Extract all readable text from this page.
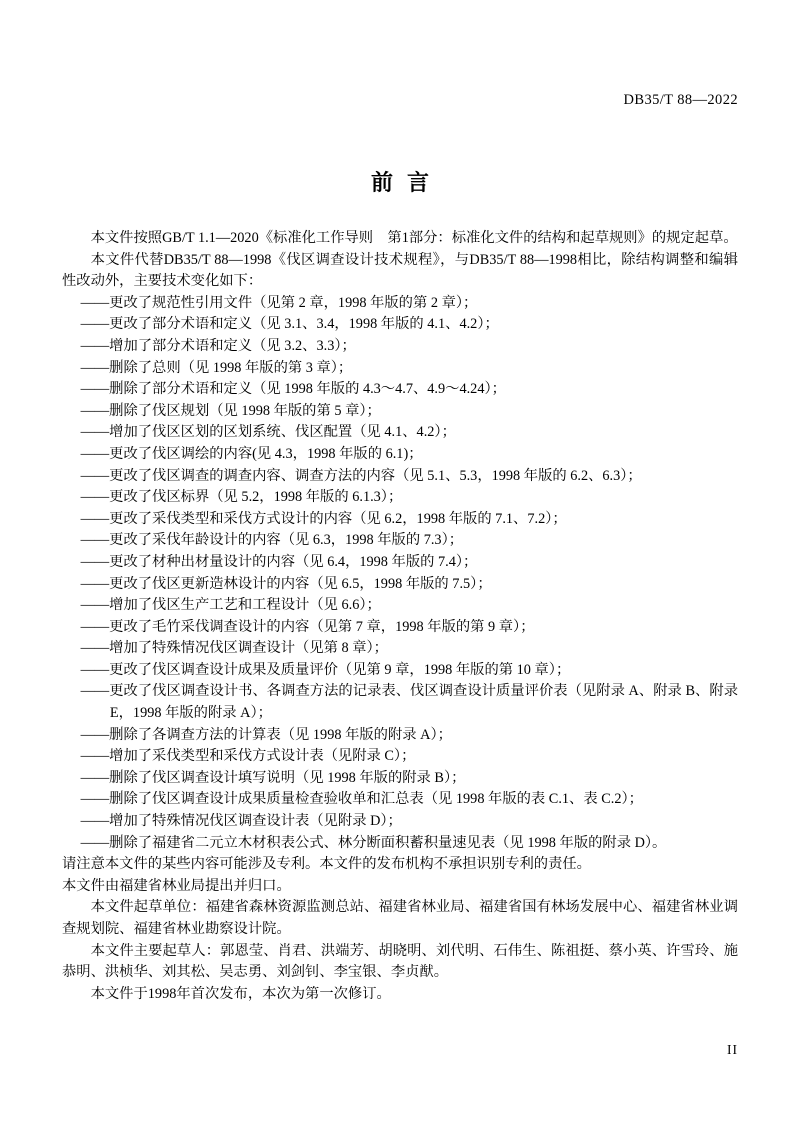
DB35/T 88—2022
前言

本文件按照GB/T 1.1—2020《标准化工作导则　第1部分：标准化文件的结构和起草规则》的规定起草。

本文件代替DB35/T 88—1998《伐区调查设计技术规程》，与DB35/T 88—1998相比，除结构调整和编辑性改动外，主要技术变化如下：

——更改了规范性引用文件（见第 2 章，1998 年版的第 2 章）；

——更改了部分术语和定义（见 3.1、3.4，1998 年版的 4.1、4.2）；

——增加了部分术语和定义（见 3.2、3.3）；

——删除了总则（见 1998 年版的第 3 章）；

——删除了部分术语和定义（见 1998 年版的 4.3～4.7、4.9～4.24）；

——删除了伐区规划（见 1998 年版的第 5 章）；

——增加了伐区区划的区划系统、伐区配置（见 4.1、4.2）；

——更改了伐区调绘的内容(见 4.3，1998 年版的 6.1)；

——更改了伐区调查的调查内容、调查方法的内容（见 5.1、5.3，1998 年版的 6.2、6.3）；

——更改了伐区标界（见 5.2，1998 年版的 6.1.3）；

——更改了采伐类型和采伐方式设计的内容（见 6.2，1998 年版的 7.1、7.2）；

——更改了采伐年龄设计的内容（见 6.3，1998 年版的 7.3）；

——更改了材种出材量设计的内容（见 6.4，1998 年版的 7.4）；

——更改了伐区更新造林设计的内容（见 6.5，1998 年版的 7.5）；

——增加了伐区生产工艺和工程设计（见 6.6）；

——更改了毛竹采伐调查设计的内容（见第 7 章，1998 年版的第 9 章）；

——增加了特殊情况伐区调查设计（见第 8 章）；

——更改了伐区调查设计成果及质量评价（见第 9 章，1998 年版的第 10 章）；

——更改了伐区调查设计书、各调查方法的记录表、伐区调查设计质量评价表（见附录 A、附录 B、附录 E，1998 年版的附录 A）；

——删除了各调查方法的计算表（见 1998 年版的附录 A）；

——增加了采伐类型和采伐方式设计表（见附录 C）；

——删除了伐区调查设计填写说明（见 1998 年版的附录 B）；

——删除了伐区调查设计成果质量检查验收单和汇总表（见 1998 年版的表 C.1、表 C.2）；

——增加了特殊情况伐区调查设计表（见附录 D）；

——删除了福建省二元立木材积表公式、林分断面积蓄积量速见表（见 1998 年版的附录 D）。

请注意本文件的某些内容可能涉及专利。本文件的发布机构不承担识别专利的责任。

本文件由福建省林业局提出并归口。

本文件起草单位：福建省森林资源监测总站、福建省林业局、福建省国有林场发展中心、福建省林业调查规划院、福建省林业勘察设计院。

本文件主要起草人：郭恩莹、肖君、洪端芳、胡晓明、刘代明、石伟生、陈祖挺、蔡小英、许雪玲、施恭明、洪桢华、刘其松、吴志勇、刘剑钊、李宝银、李贞猷。

本文件于1998年首次发布，本次为第一次修订。

II
